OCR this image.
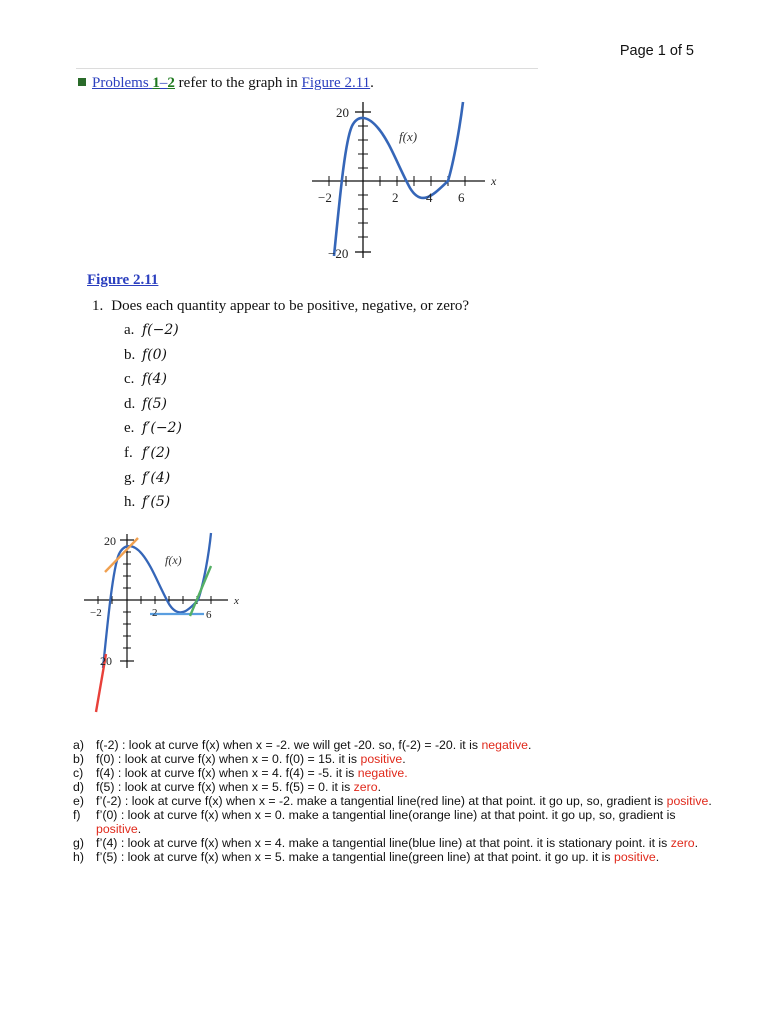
Page 1 of 5
Problems 1–2 refer to the graph in Figure 2.11.
20
−20
−2	2 4 6
x
f(x)
Figure 2.11
1. Does each quantity appear to be positive, negative, or zero?
a. f(−2)
b. f(0)
c. f(4)
d. f(5)
e. f′(−2)
f. f′(2)
g. f′(4)
h. f′(5)
20
20
−2	2	6
x
f(x)
a) f(-2) : look at curve f(x) when x = -2. we will get -20. so, f(-2) = -20. it is negative.
b) f(0) : look at curve f(x) when x = 0. f(0) = 15. it is positive.
c)	f(4) : look at curve f(x) when x = 4. f(4) = -5. it is negative.
d) f(5) : look at curve f(x) when x = 5. f(5) = 0. it is zero.
e) f’(-2) : look at curve f(x) when x = -2. make a tangential line(red line) at that point. it go up, so, gradient is positive.
f)	f’(0) : look at curve f(x) when x = 0. make a tangential line(orange line) at that point. it go up, so, gradient is positive.
g) f’(4) : look at curve f(x) when x = 4. make a tangential line(blue line) at that point. it is stationary point. it is zero.
h) f’(5) : look at curve f(x) when x = 5. make a tangential line(green line) at that point. it go up. it is positive.
